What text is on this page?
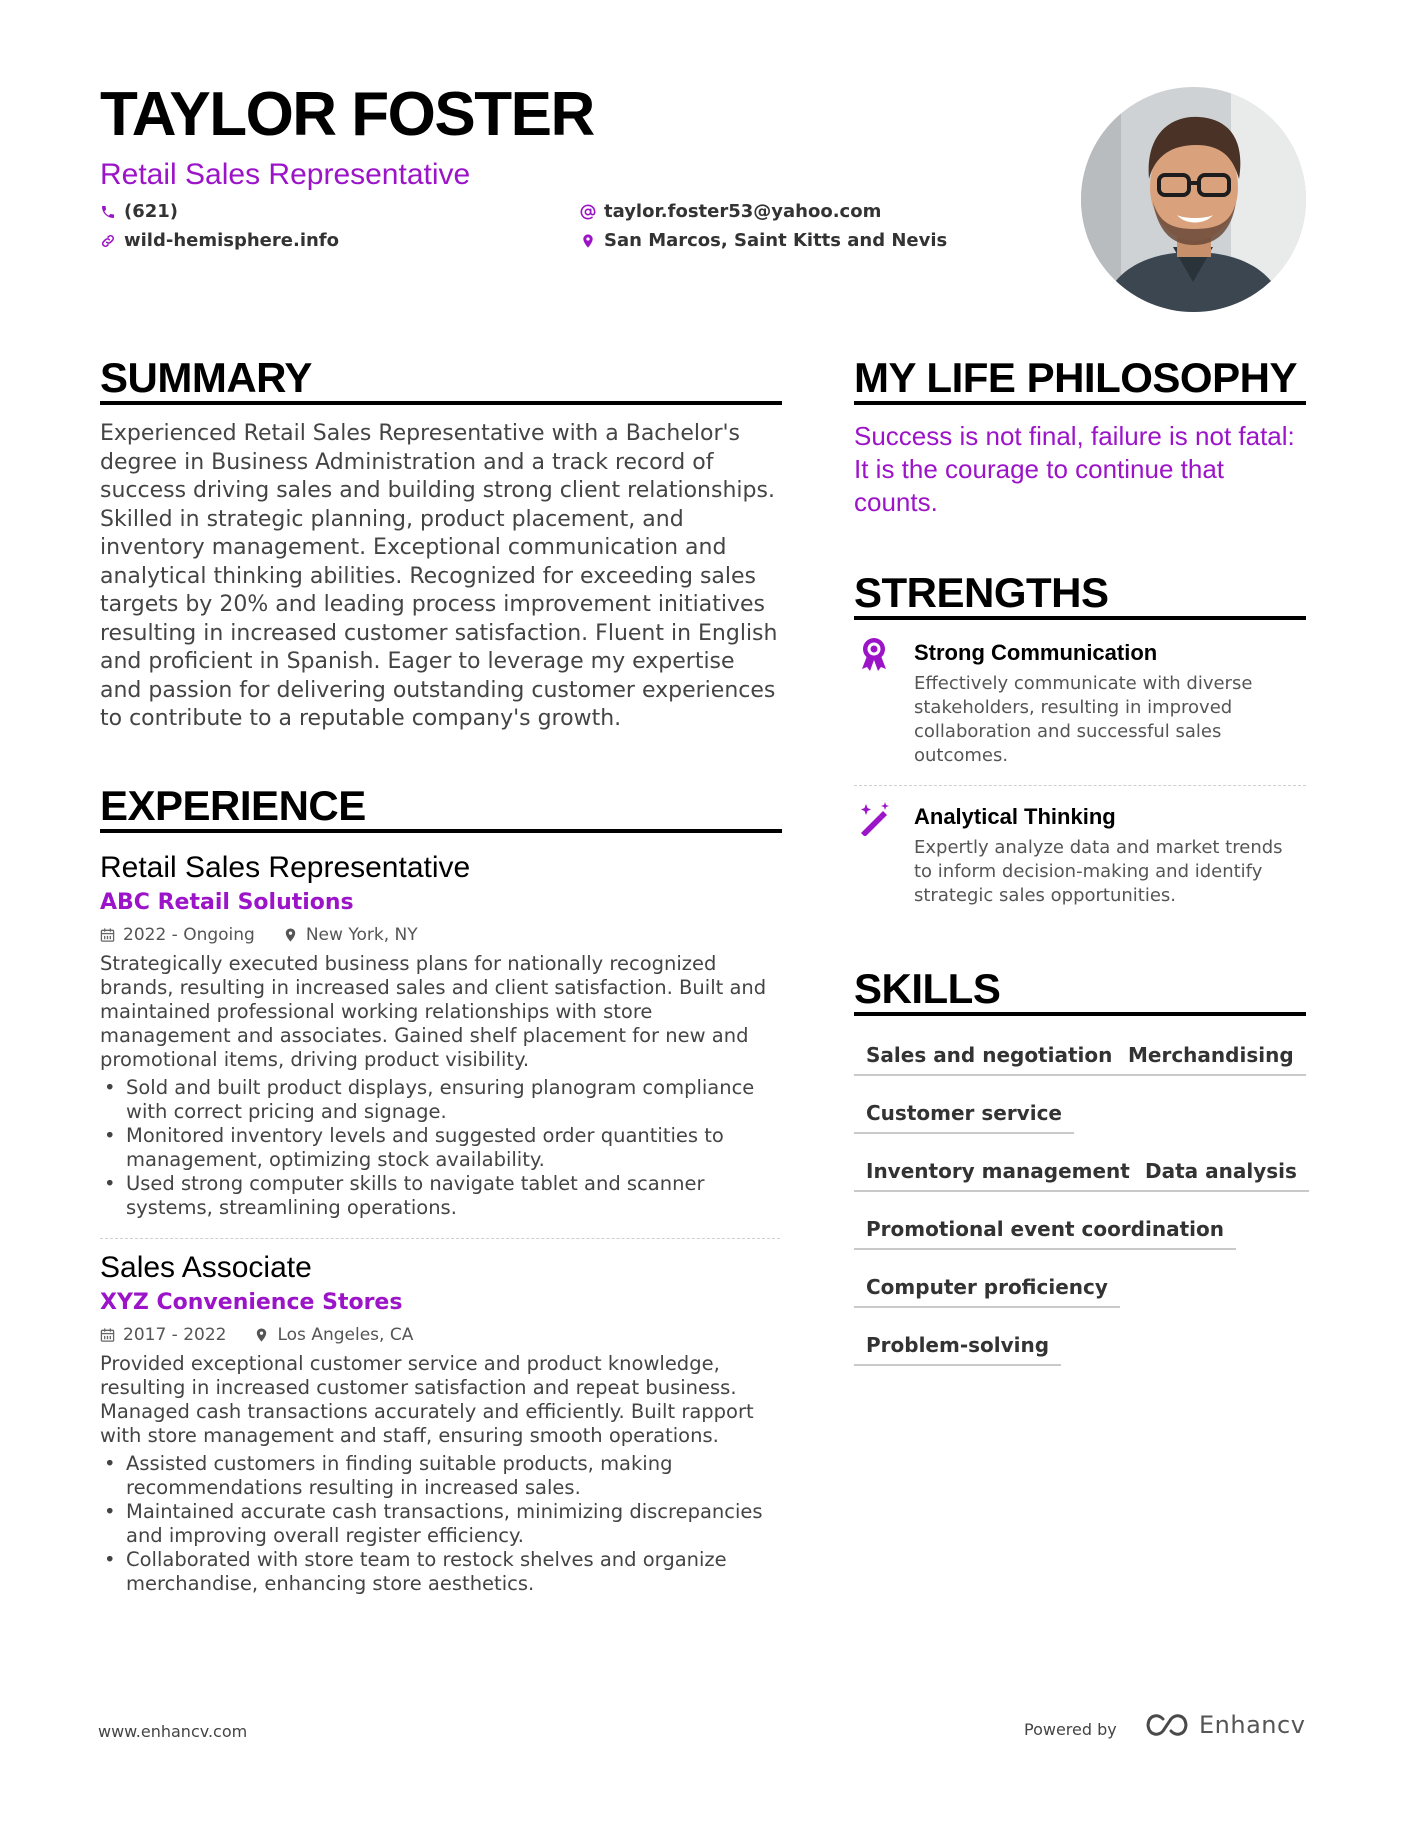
TAYLOR FOSTER
Retail Sales Representative
(621)
wild-hemisphere.info
taylor.foster53@yahoo.com
San Marcos, Saint Kitts and Nevis
SUMMARY

Experienced Retail Sales Representative with a Bachelor's degree in Business Administration and a track record of success driving sales and building strong client relationships. Skilled in strategic planning, product placement, and inventory management. Exceptional communication and analytical thinking abilities. Recognized for exceeding sales targets by 20% and leading process improvement initiatives resulting in increased customer satisfaction. Fluent in English and proficient in Spanish. Eager to leverage my expertise and passion for delivering outstanding customer experiences to contribute to a reputable company's growth.

EXPERIENCE
Retail Sales Representative
ABC Retail Solutions
2022 - Ongoing	New York, NY

Strategically executed business plans for nationally recognized brands, resulting in increased sales and client satisfaction. Built and maintained professional working relationships with store management and associates. Gained shelf placement for new and promotional items, driving product visibility.

• Sold and built product displays, ensuring planogram compliance with correct pricing and signage.
• Monitored inventory levels and suggested order quantities to management, optimizing stock availability.
• Used strong computer skills to navigate tablet and scanner systems, streamlining operations.
Sales Associate
XYZ Convenience Stores
2017 - 2022	Los Angeles, CA

Provided exceptional customer service and product knowledge, resulting in increased customer satisfaction and repeat business. Managed cash transactions accurately and efficiently. Built rapport with store management and staff, ensuring smooth operations.

• Assisted customers in finding suitable products, making recommendations resulting in increased sales.
• Maintained accurate cash transactions, minimizing discrepancies and improving overall register efficiency.
• Collaborated with store team to restock shelves and organize merchandise, enhancing store aesthetics.
MY LIFE PHILOSOPHY

Success is not final, failure is not fatal: It is the courage to continue that counts.

STRENGTHS
Strong Communication

Effectively communicate with diverse stakeholders, resulting in improved collaboration and successful sales outcomes.

Analytical Thinking

Expertly analyze data and market trends to inform decision-making and identify strategic sales opportunities.

SKILLS
Sales and negotiation Merchandising
Customer service
Inventory management Data analysis
Promotional event coordination
Computer proficiency
Problem-solving
www.enhancv.com	Powered by	Enhancv
